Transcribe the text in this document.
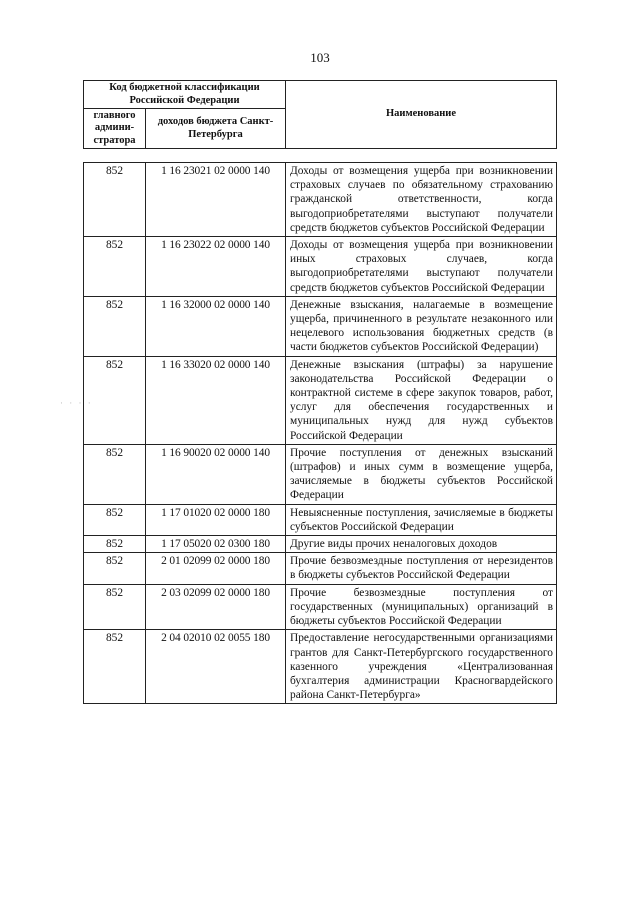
103
Код бюджетной классификации Российской Федерации		Наименование
главного админи-стратора	доходов бюджета Санкт-Петербурга	
852	1 16 23021 02 0000 140	Доходы от возмещения ущерба при возникновении страховых случаев по обязательному страхованию гражданской ответственности, когда выгодоприобретателями выступают получатели средств бюджетов субъектов Российской Федерации
852	1 16 23022 02 0000 140	Доходы от возмещения ущерба при возникновении иных страховых случаев, когда выгодоприобретателями выступают получатели средств бюджетов субъектов Российской Федерации
852	1 16 32000 02 0000 140	Денежные взыскания, налагаемые в возмещение ущерба, причиненного в результате незаконного или нецелевого использования бюджетных средств (в части бюджетов субъектов Российской Федерации)
852	1 16 33020 02 0000 140	Денежные взыскания (штрафы) за нарушение законодательства Российской Федерации о контрактной системе в сфере закупок товаров, работ, услуг для обеспечения государственных и муниципальных нужд для нужд субъектов Российской Федерации
852	1 16 90020 02 0000 140	Прочие поступления от денежных взысканий (штрафов) и иных сумм в возмещение ущерба, зачисляемые в бюджеты субъектов Российской Федерации
852	1 17 01020 02 0000 180	Невыясненные поступления, зачисляемые в бюджеты субъектов Российской Федерации
852	1 17 05020 02 0300 180	Другие виды прочих неналоговых доходов
852	2 01 02099 02 0000 180	Прочие безвозмездные поступления от нерезидентов в бюджеты субъектов Российской Федерации
852	2 03 02099 02 0000 180	Прочие безвозмездные поступления от государственных (муниципальных) организаций в бюджеты субъектов Российской Федерации
852	2 04 02010 02 0055 180	Предоставление негосударственными организациями грантов для Санкт-Петербургского государственного казенного учреждения «Централизованная бухгалтерия администрации Красногвардейского района Санкт-Петербурга»
· · · ·
